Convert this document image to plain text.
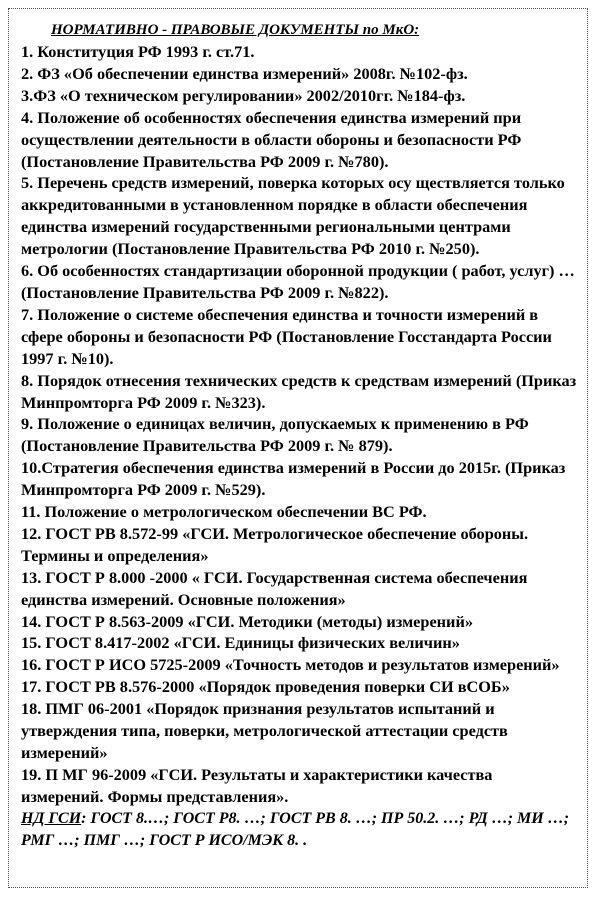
НОРМАТИВНО - ПРАВОВЫЕ ДОКУМЕНТЫ по МкО:
1. Конституция РФ 1993 г. ст.71.
2. ФЗ «Об обеспечении единства измерений» 2008г. №102-фз.
3.ФЗ «О техническом регулировании» 2002/2010гг. №184-фз.
4. Положение об особенностях обеспечения единства измерений при осуществлении деятельности в области обороны и безопасности РФ (Постановление Правительства РФ 2009 г. №780).
5. Перечень средств измерений, поверка которых осу ществляется только аккредитованными в установленном порядке в области обеспечения единства измерений государственными региональными центрами метрологии (Постановление Правительства РФ 2010 г. №250).
6. Об особенностях стандартизации оборонной продукции ( работ, услуг) … (Постановление Правительства РФ 2009 г. №822).
7. Положение о системе обеспечения единства и точности измерений в сфере обороны и безопасности РФ (Постановление Госстандарта России 1997 г. №10).
8. Порядок отнесения технических средств к средствам измерений (Приказ Минпромторга РФ 2009 г. №323).
9. Положение о единицах величин, допускаемых к применению в РФ (Постановление Правительства РФ 2009 г. № 879).
10.Стратегия обеспечения единства измерений в России до 2015г. (Приказ Минпромторга РФ 2009 г. №529).
11. Положение о метрологическом обеспечении ВС РФ.
12. ГОСТ РВ 8.572-99 «ГСИ. Метрологическое обеспечение обороны. Термины и определения»
13. ГОСТ Р 8.000 -2000 « ГСИ. Государственная система обеспечения единства измерений. Основные положения»
14. ГОСТ Р 8.563-2009 «ГСИ. Методики (методы) измерений»
15. ГОСТ 8.417-2002 «ГСИ. Единицы физических величин»
16. ГОСТ Р ИСО 5725-2009 «Точность методов и результатов измерений»
17. ГОСТ РВ 8.576-2000 «Порядок проведения поверки СИ вСОБ»
18. ПМГ 06-2001 «Порядок признания результатов испытаний и утверждения типа, поверки, метрологической аттестации средств измерений»
19. П МГ 96-2009 «ГСИ. Результаты и характеристики качества измерений. Формы представления».
НД ГСИ: ГОСТ 8.…; ГОСТ Р8. …; ГОСТ РВ 8. …; ПР 50.2. …; РД …; МИ …; РМГ …; ПМГ …; ГОСТ Р ИСО/МЭК 8. .
